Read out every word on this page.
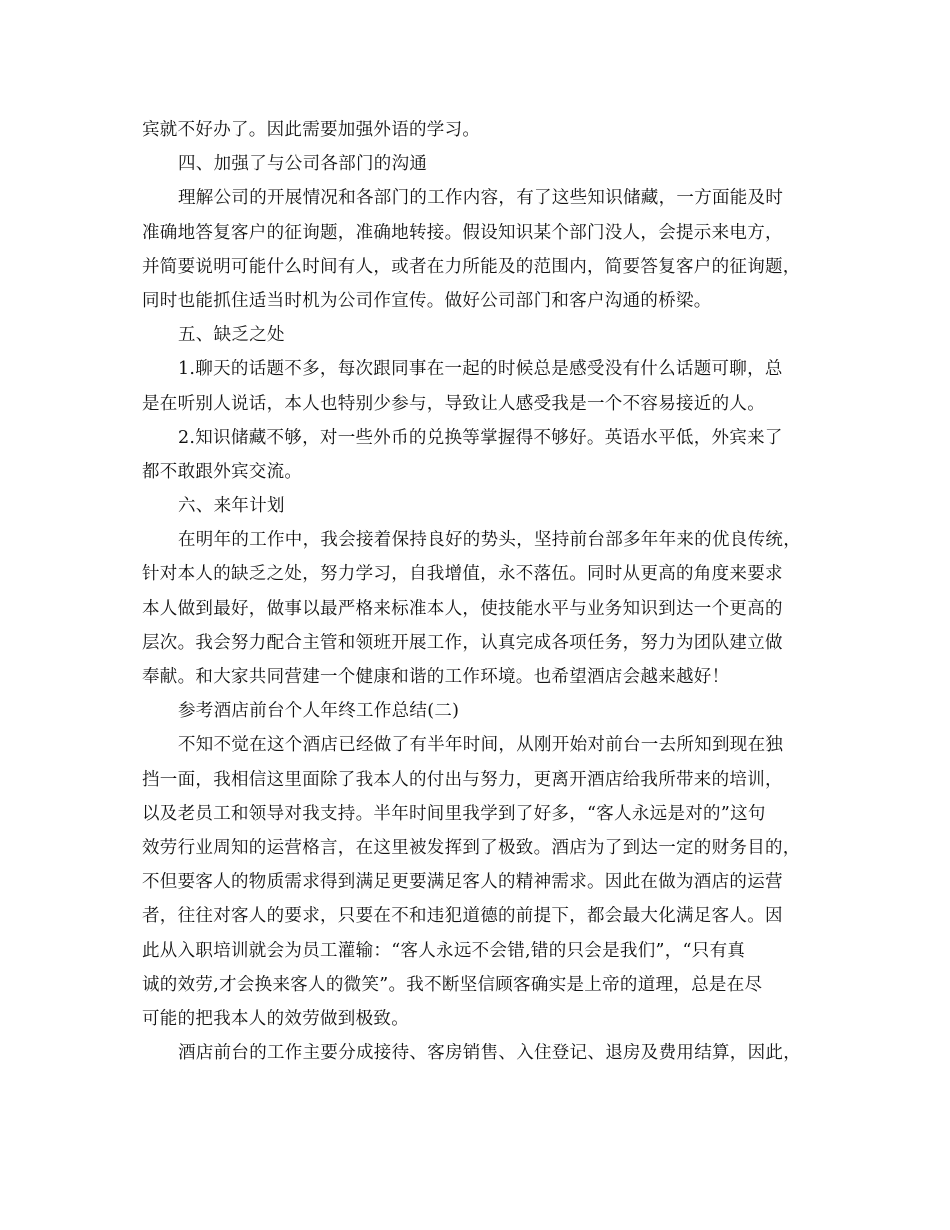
宾就不好办了。因此需要加强外语的学习。
四、加强了与公司各部门的沟通
理解公司的开展情况和各部门的工作内容，有了这些知识储藏，一方面能及时
准确地答复客户的征询题，准确地转接。假设知识某个部门没人，会提示来电方，
并简要说明可能什么时间有人，或者在力所能及的范围内，简要答复客户的征询题，
同时也能抓住适当时机为公司作宣传。做好公司部门和客户沟通的桥梁。
五、缺乏之处
1.聊天的话题不多，每次跟同事在一起的时候总是感受没有什么话题可聊，总
是在听别人说话，本人也特别少参与，导致让人感受我是一个不容易接近的人。
2.知识储藏不够，对一些外币的兑换等掌握得不够好。英语水平低，外宾来了
都不敢跟外宾交流。
六、来年计划
在明年的工作中，我会接着保持良好的势头，坚持前台部多年年来的优良传统，
针对本人的缺乏之处，努力学习，自我增值，永不落伍。同时从更高的角度来要求
本人做到最好，做事以最严格来标准本人，使技能水平与业务知识到达一个更高的
层次。我会努力配合主管和领班开展工作，认真完成各项任务，努力为团队建立做
奉献。和大家共同营建一个健康和谐的工作环境。也希望酒店会越来越好！
参考酒店前台个人年终工作总结(二)
不知不觉在这个酒店已经做了有半年时间，从刚开始对前台一去所知到现在独
挡一面，我相信这里面除了我本人的付出与努力，更离开酒店给我所带来的培训，
以及老员工和领导对我支持。半年时间里我学到了好多，“客人永远是对的”这句
效劳行业周知的运营格言，在这里被发挥到了极致。酒店为了到达一定的财务目的，
不但要客人的物质需求得到满足更要满足客人的精神需求。因此在做为酒店的运营
者，往往对客人的要求，只要在不和违犯道德的前提下，都会最大化满足客人。因
此从入职培训就会为员工灌输：“客人永远不会错,错的只会是我们”，“只有真
诚的效劳,才会换来客人的微笑”。我不断坚信顾客确实是上帝的道理，总是在尽
可能的把我本人的效劳做到极致。
酒店前台的工作主要分成接待、客房销售、入住登记、退房及费用结算，因此，
